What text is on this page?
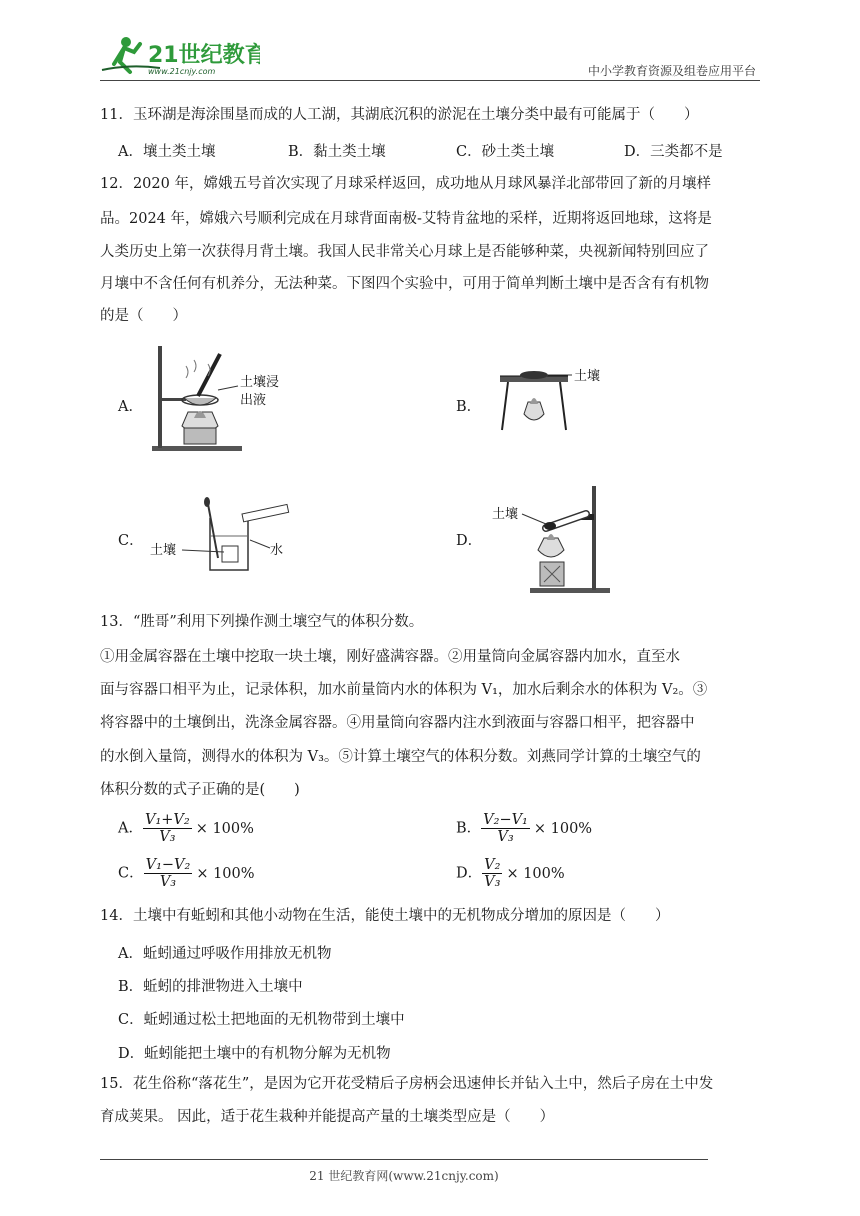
21世纪教育
www.21cnjy.com	中小学教育资源及组卷应用平台
11．玉环湖是海涂围垦而成的人工湖，其湖底沉积的淤泥在土壤分类中最有可能属于（　　）
A．壤土类土壤	B．黏土类土壤	C．砂土类土壤	D．三类都不是
12．2020 年，嫦娥五号首次实现了月球采样返回，成功地从月球风暴洋北部带回了新的月壤样
品。2024 年，嫦娥六号顺利完成在月球背面南极-艾特肯盆地的采样，近期将返回地球，这将是
人类历史上第一次获得月背土壤。我国人民非常关心月球上是否能够种菜，央视新闻特别回应了
月壤中不含任何有机养分，无法种菜。下图四个实验中，可用于简单判断土壤中是否含有有机物
的是（　　）
A．
土壤浸
出液	B．
土壤
C．
土壤	水
D．
土壤
13．“胜哥”利用下列操作测土壤空气的体积分数。
①用金属容器在土壤中挖取一块土壤，刚好盛满容器。②用量筒向金属容器内加水，直至水
面与容器口相平为止，记录体积，加水前量筒内水的体积为 V₁，加水后剩余水的体积为 V₂。③
将容器中的土壤倒出，洗涤金属容器。④用量筒向容器内注水到液面与容器口相平，把容器中
的水倒入量筒，测得水的体积为 V₃。⑤计算土壤空气的体积分数。刘燕同学计算的土壤空气的
体积分数的式子正确的是(　　)
A． $\frac{\text{V₁+V₂}}{\text{V₃}} \times 100\%$	B． $\frac{\text{V₂−V₁}}{\text{V₃}} \times 100\%$
C． $\frac{\text{V₁−V₂}}{\text{V₃}} \times 100\%$	D． $\frac{\text{V₂}}{\text{V₃}} \times 100\%$
14．土壤中有蚯蚓和其他小动物在生活，能使土壤中的无机物成分增加的原因是（　　）
A．蚯蚓通过呼吸作用排放无机物
B．蚯蚓的排泄物进入土壤中
C．蚯蚓通过松土把地面的无机物带到土壤中
D．蚯蚓能把土壤中的有机物分解为无机物
15．花生俗称“落花生”，是因为它开花受精后子房柄会迅速伸长并钻入土中，然后子房在土中发
育成荚果。 因此，适于花生栽种并能提高产量的土壤类型应是（　　）
21 世纪教育网(www.21cnjy.com)
